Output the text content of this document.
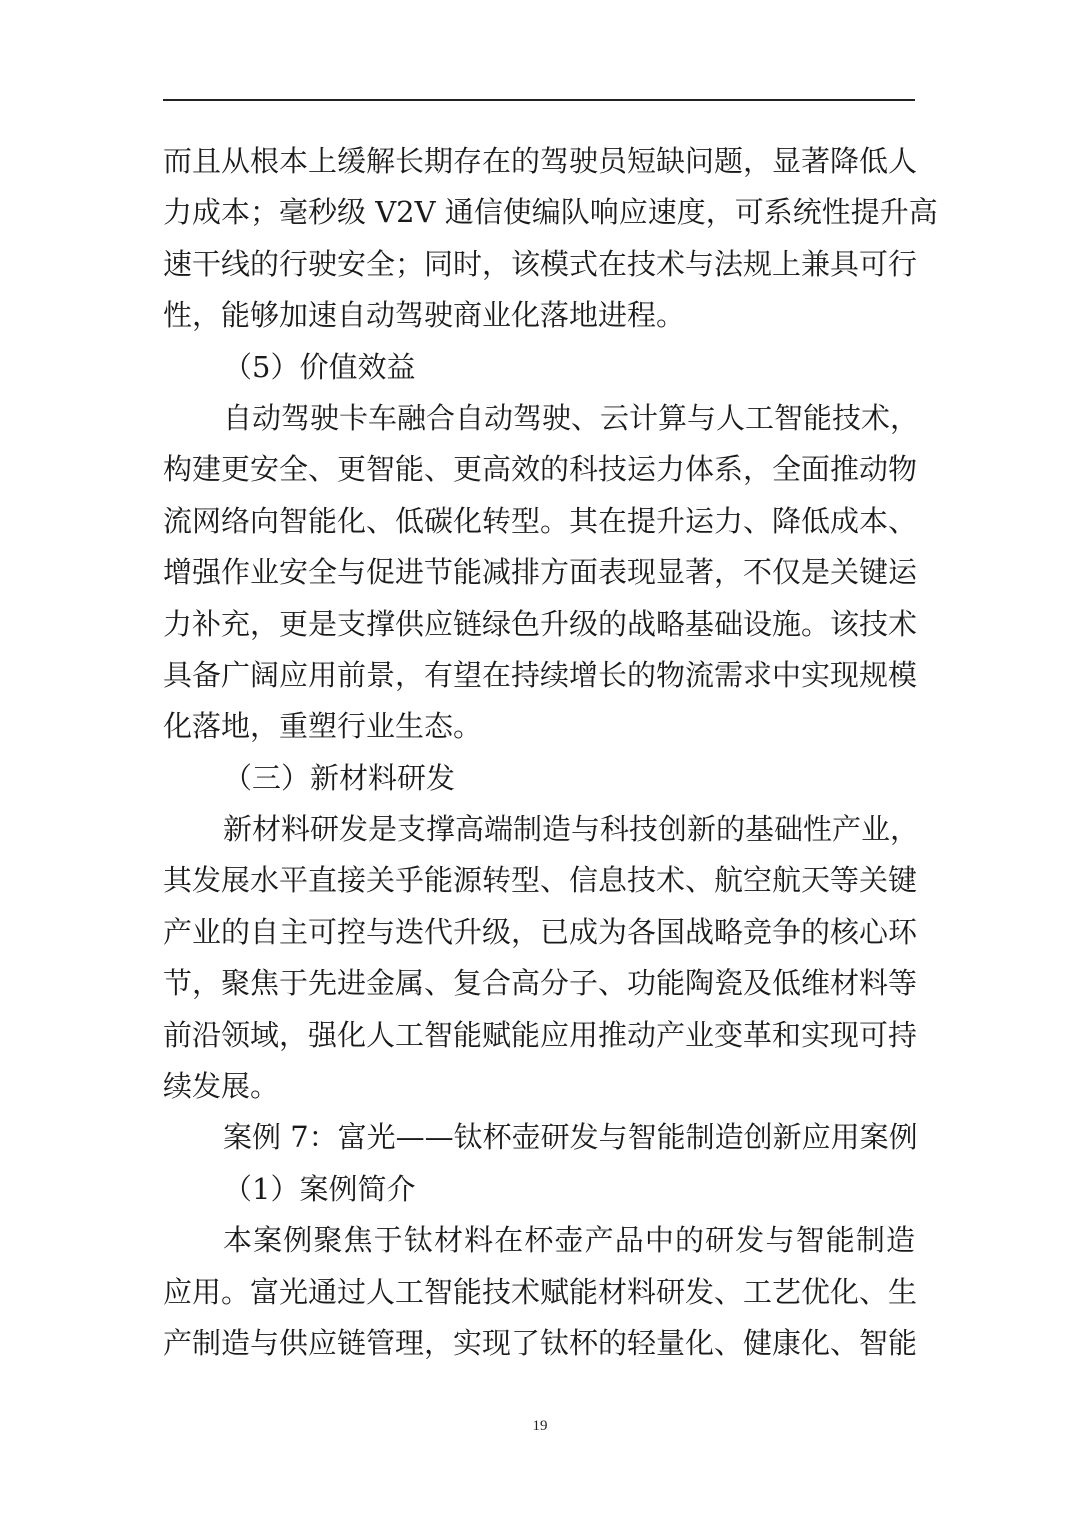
而且从根本上缓解长期存在的驾驶员短缺问题，显著降低人
力成本；毫秒级 V2V 通信使编队响应速度，可系统性提升高
速干线的行驶安全；同时，该模式在技术与法规上兼具可行
性，能够加速自动驾驶商业化落地进程。
（5）价值效益
自动驾驶卡车融合自动驾驶、云计算与人工智能技术，
构建更安全、更智能、更高效的科技运力体系，全面推动物
流网络向智能化、低碳化转型。其在提升运力、降低成本、
增强作业安全与促进节能减排方面表现显著，不仅是关键运
力补充，更是支撑供应链绿色升级的战略基础设施。该技术
具备广阔应用前景，有望在持续增长的物流需求中实现规模
化落地，重塑行业生态。
（三）新材料研发
新材料研发是支撑高端制造与科技创新的基础性产业，
其发展水平直接关乎能源转型、信息技术、航空航天等关键
产业的自主可控与迭代升级，已成为各国战略竞争的核心环
节，聚焦于先进金属、复合高分子、功能陶瓷及低维材料等
前沿领域，强化人工智能赋能应用推动产业变革和实现可持
续发展。
案例 7：富光——钛杯壶研发与智能制造创新应用案例
（1）案例简介
本案例聚焦于钛材料在杯壶产品中的研发与智能制造
应用。富光通过人工智能技术赋能材料研发、工艺优化、生
产制造与供应链管理，实现了钛杯的轻量化、健康化、智能
19
